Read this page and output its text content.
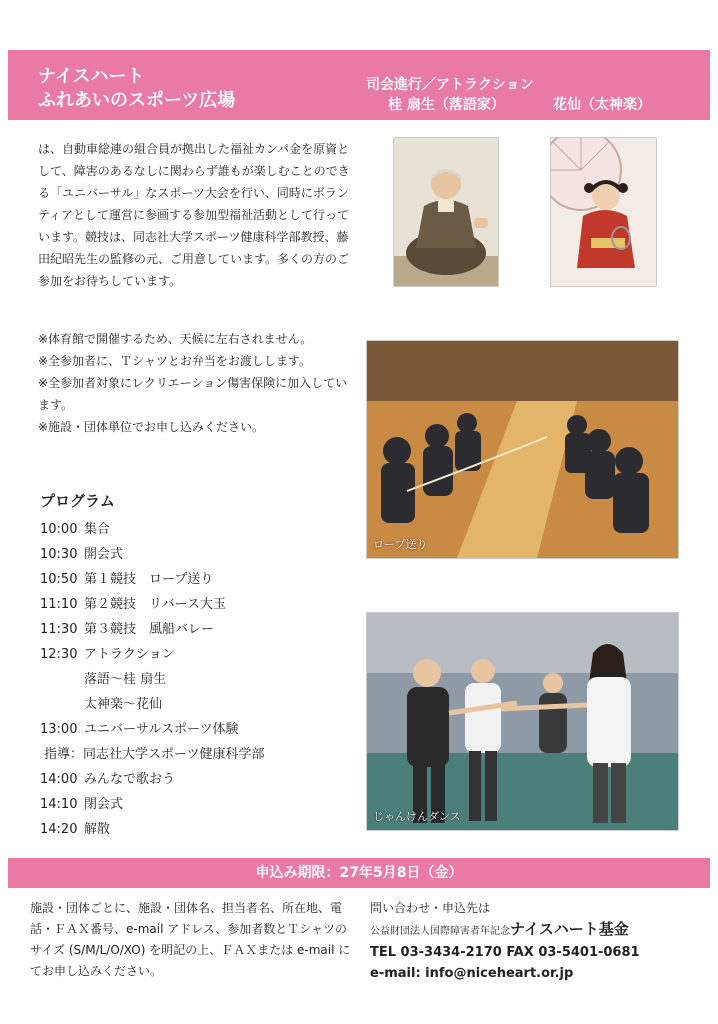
ナイスハート
ふれあいのスポーツ広場
司会進行／アトラクション
桂 扇生（落語家）	花仙（太神楽）
は、自動車総連の組合員が拠出した福祉カンパ金を原資として、障害のあるなしに関わらず誰もが楽しむことのできる「ユニバーサル」なスポーツ大会を行い、同時にボランティアとして運営に参画する参加型福祉活動として行っています。競技は、同志社大学スポーツ健康科学部教授、藤田紀昭先生の監修の元、ご用意しています。多くの方のご参加をお待ちしています。
※体育館で開催するため、天候に左右されません。
※全参加者に、Ｔシャツとお弁当をお渡しします。
※全参加者対象にレクリエーション傷害保険に加入しています。
※施設・団体単位でお申し込みください。
ロープ送り
じゃんけんダンス
プログラム
10:00 集合
10:30 開会式
10:50 第１競技　ロープ送り
11:10 第２競技　リバース大玉
11:30 第３競技　風船バレー
12:30 アトラクション
落語〜桂 扇生
太神楽〜花仙
13:00 ユニバーサルスポーツ体験
指導：同志社大学スポーツ健康科学部
14:00 みんなで歌おう
14:10 閉会式
14:20 解散
申込み期限：27年5月8日（金）
施設・団体ごとに、施設・団体名、担当者名、所在地、電話・ＦＡＸ番号、e-mail アドレス、参加者数とＴシャツのサイズ (S/M/L/O/XO) を明記の上、ＦＡＸまたは e-mail にてお申し込みください。
問い合わせ・申込先は
公益財団法人国際障害者年記念ナイスハート基金
TEL 03-3434-2170 FAX 03-5401-0681
e-mail: info@niceheart.or.jp
